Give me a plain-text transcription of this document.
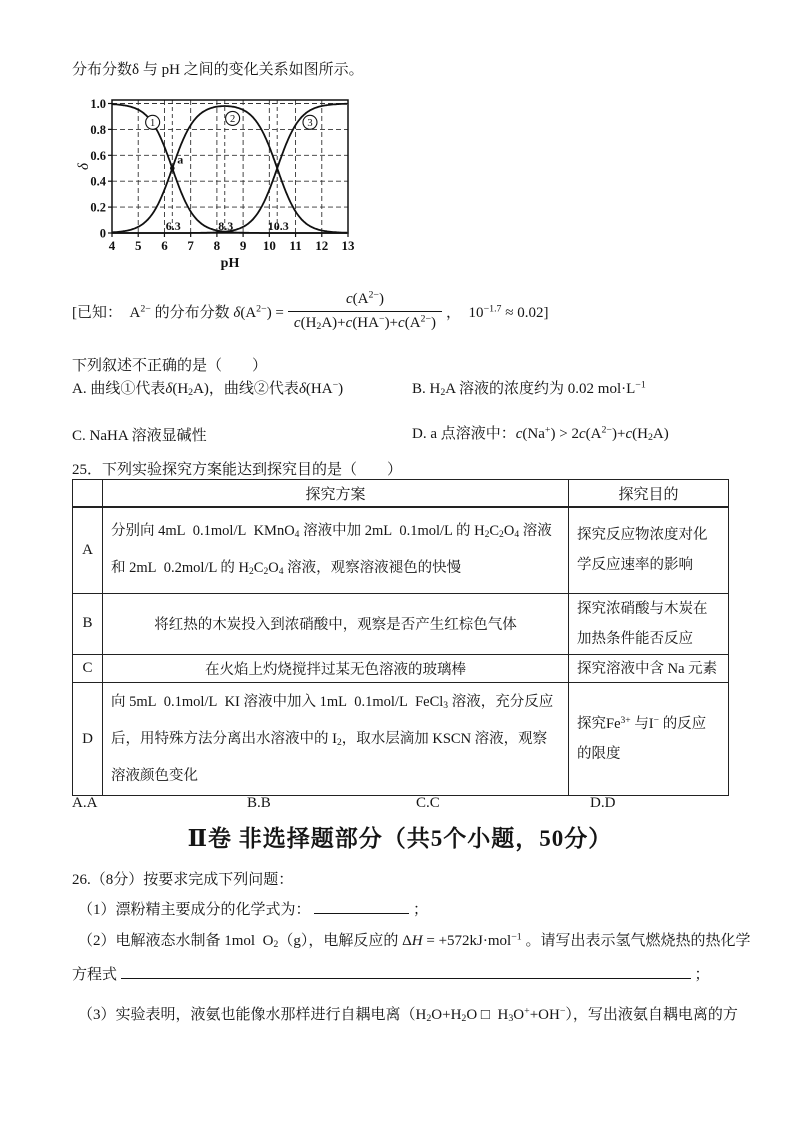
分布分数δ 与 pH 之间的变化关系如图所示。
0
0.2
0.4
0.6
0.8
1.0
4 5 6 7 8 9 10 11 12 13
6.3	8.3	10.3
1	2	3
a
pH
δ
[已知：  $A^{2-}$ 的分布分数 $\delta(A^{2-}) = \frac{c(A^{2-})}{c(H_2A)+c(HA^-)+c(A^{2-})}$ ，  $10^{-1.7} \approx 0.02$]
下列叙述不正确的是（　　）
A. 曲线①代表$\delta(H_2A)$，曲线②代表δ(HA−)	B. $H_2A$ 溶液的浓度约为 0.02 $mol\cdot L^{-1}$
C. NaHA 溶液显碱性	D. a 点溶液中：$c(Na^+) > 2c(A^{2-})+c(H_2A)$
25．下列实验探究方案能达到探究目的是（　　）
	探究方案	探究目的
A	分别向 4mL  0.1mol/L  KMnO$_4$ 溶液中加 2mL  0.1mol/L 的 $H_2C_2O_4$ 溶液和 2mL  0.2mol/L 的 $H_2C_2O_4$ 溶液，观察溶液褪色的快慢	探究反应物浓度对化学反应速率的影响
B	将红热的木炭投入到浓硝酸中，观察是否产生红棕色气体	探究浓硝酸与木炭在加热条件能否反应
C	在火焰上灼烧搅拌过某无色溶液的玻璃棒	探究溶液中含 Na 元素
D	向 5mL  0.1mol/L  KI 溶液中加入 1mL  0.1mol/L  FeCl$_3$ 溶液，充分反应后，用特殊方法分离出水溶液中的 $I_2$，取水层滴加 KSCN 溶液，观察溶液颜色变化	探究$Fe^{3+}$ 与I− 的反应的限度
A.A	B.B	C.C	D.D
Ⅱ卷 非选择题部分（共5个小题，50分）
26.（8分）按要求完成下列问题：
（1）漂粉精主要成分的化学式为：	；
（2）电解液态水制备 1mol  $O_2(g)$，电解反应的 ΔH = +572kJ·mol$^{-1}$ 。请写出表示氢气燃烧热的热化学
方程式	；
（3）实验表明，液氨也能像水那样进行自耦电离（$H_2O+H_2O$ □  $H_3O^++OH^-$），写出液氨自耦电离的方
